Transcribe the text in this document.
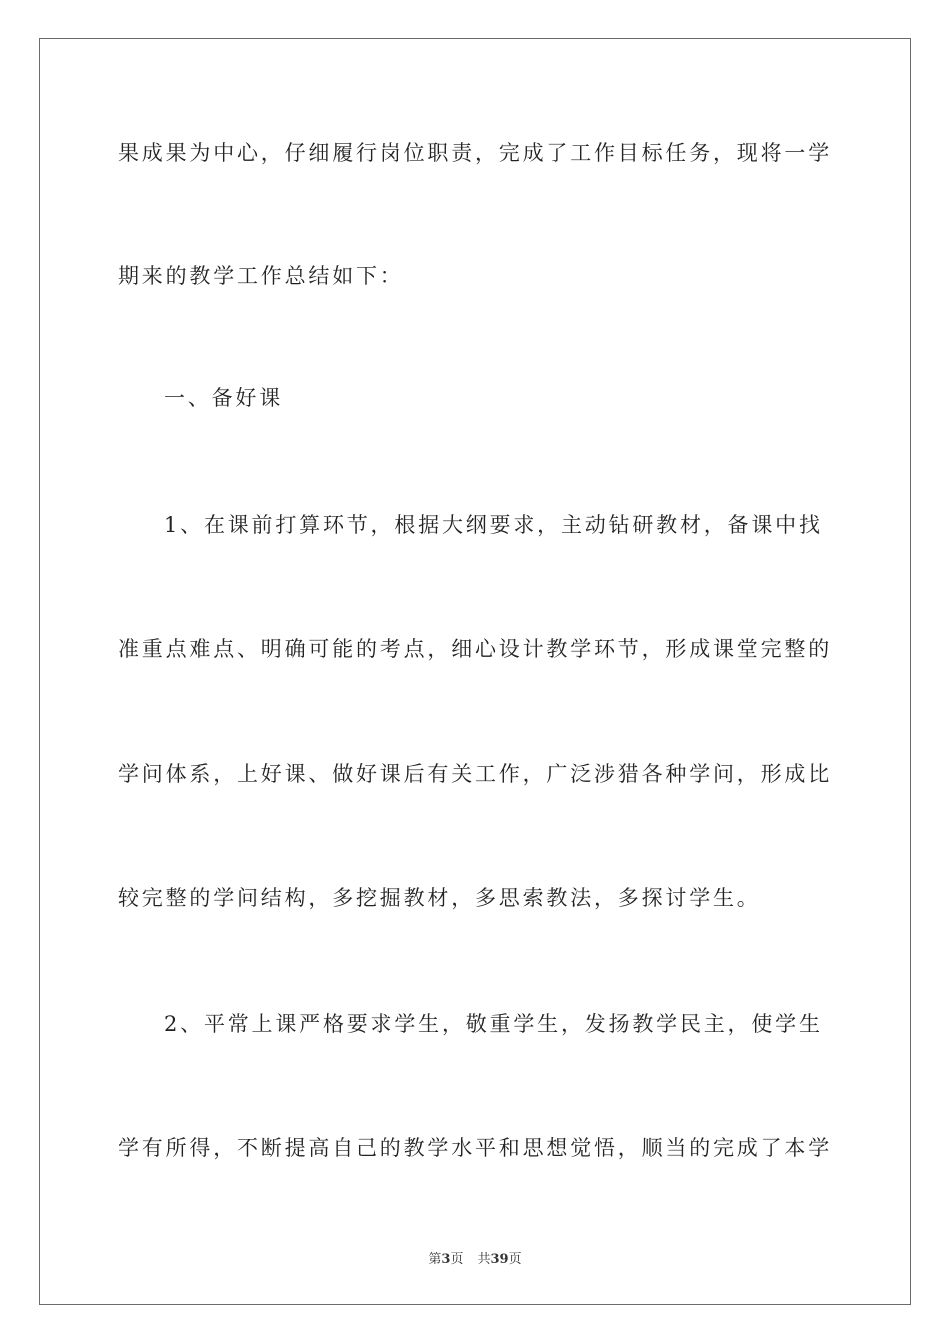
果成果为中心，仔细履行岗位职责，完成了工作目标任务，现将一学
期来的教学工作总结如下：
一、备好课
1、在课前打算环节，根据大纲要求，主动钻研教材，备课中找
准重点难点、明确可能的考点，细心设计教学环节，形成课堂完整的
学问体系，上好课、做好课后有关工作，广泛涉猎各种学问，形成比
较完整的学问结构，多挖掘教材，多思索教法，多探讨学生。
2、平常上课严格要求学生，敬重学生，发扬教学民主，使学生
学有所得，不断提高自己的教学水平和思想觉悟，顺当的完成了本学
第3页 共39页
